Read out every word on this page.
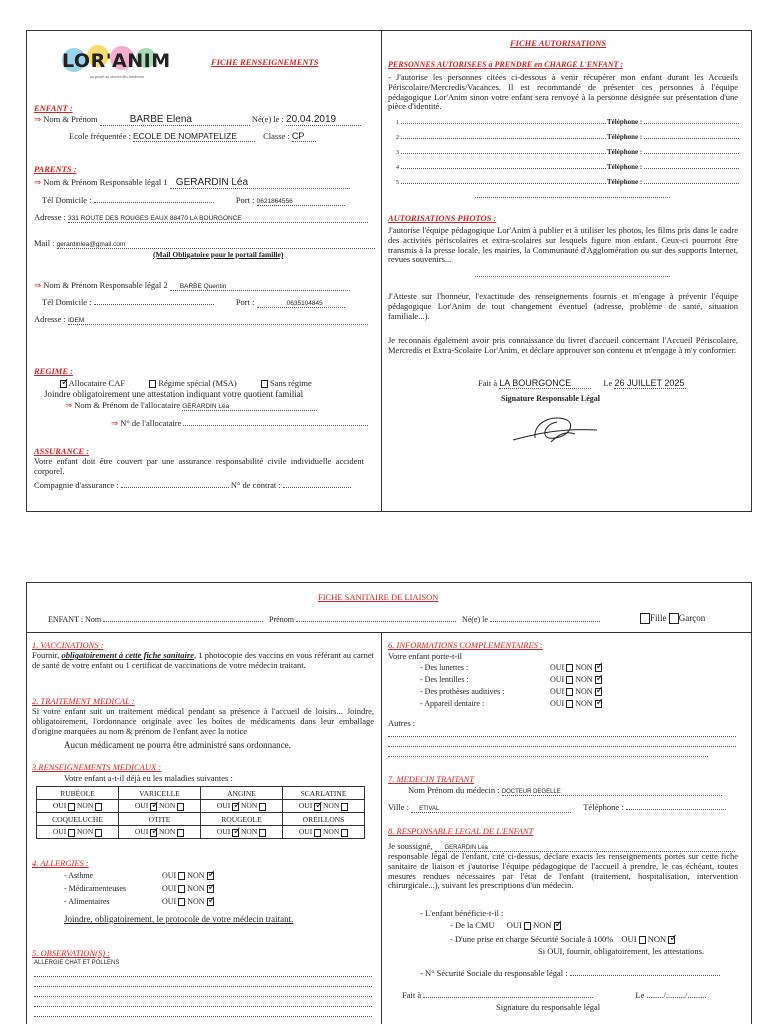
LOR'ANIM
un projet au service des territoires
FICHE RENSEIGNEMENTS
ENFANT :
⇒ Nom & Prénom	BARBE Elena	Né(e) le : 20.04.2019
Ecole fréquentée : ECOLE DE NOMPATELIZE	Classe : CP
PARENTS :
⇒ Nom & Prénom Responsable légal 1 GERARDIN Léa
Tél Domicile :	Port : 0621864556
Adresse : 331 ROUTE DES ROUGES EAUX 88470 LA BOURGONCE
Mail : gerardinlea@gmail.com
(Mail Obligatoire pour le portail famille)
⇒ Nom & Prénom Responsable légal 2 BARBE Quentin
Tél Domicile :	Port :	0635104845
Adresse : IDEM
REGIME :
✓ Allocataire CAF	Régime spécial (MSA)	Sans régime
Joindre obligatoirement une attestation indiquant votre quotient familial
⇒ Nom & Prénom de l'allocataire GERARDIN Léa
⇒ N° de l'allocataire
ASSURANCE :
Votre enfant doit être couvert par une assurance responsabilité civile individuelle accident corporel.
Compagnie d'assurance :	N° de contrat :
FICHE AUTORISATIONS
PERSONNES AUTORISEES à PRENDRE en CHARGE L'ENFANT :
- J'autorise les personnes citées ci-dessous à venir récupérer mon enfant durant les Accueils Périscolaire/Mercredis/Vacances. Il est recommandé de présenter ces personnes à l'équipe pédagogique Lor'Anim sinon votre enfant sera renvoyé à la personne désignée sur présentation d'une pièce d'identité.
1	Téléphone :
2	Téléphone :
3	Téléphone :
4	Téléphone :
5	Téléphone :
AUTORISATIONS PHOTOS :
J'autorise l'équipe pédagogique Lor'Anim à publier et à utiliser les photos, les films pris dans le cadre des activités périscolaires et extra-scolaires sur lesquels figure mon enfant. Ceux-ci pourront être transmis à la presse locale, les mairies, la Communauté d'Agglomération ou sur des supports Internet, revues souvenirs...
J'Atteste sur l'honneur, l'exactitude des renseignements fournis et m'engage à prévenir l'équipe pédagogique Lor'Anim de tout changement éventuel (adresse, problème de santé, situation familiale...).
Je reconnais également avoir pris connaissance du livret d'accueil concernant l'Accueil Périscolaire, Mercredis et Extra-Scolaire Lor'Anim, et déclare approuver son contenu et m'engage à m'y conformer.
Fait à LA BOURGONCE	Le 26 JUILLET 2025
Signature Responsable Légal
FICHE SANITAIRE DE LIAISON
ENFANT : Nom	Prénom	Né(e) le	Fille Garçon
1. VACCINATIONS :
Fournir, obligatoirement à cette fiche sanitaire, 1 photocopie des vaccins en vous référant au carnet de santé de votre enfant ou 1 certificat de vaccinations de votre médecin traitant.
2. TRAITEMENT MEDICAL :
Si votre enfant suit un traitement médical pendant sa présence à l'accueil de loisirs... Joindre, obligatoirement, l'ordonnance originale avec les boîtes de médicaments dans leur emballage d'origine marquées au nom & prénom de l'enfant avec la notice
Aucun médicament ne pourra être administré sans ordonnance.
3.RENSEIGNEMENTS MEDICAUX :
Votre enfant a-t-il déjà eu les maladies suivantes :
RUBÉOLE	VARICELLE	ANGINE	SCARLATINE
OUI NON	OUI ✓ NON	OUI ✓ NON	OUI ✓ NON
COQUELUCHE	OTITE	ROUGEOLE	OREILLONS
OUI NON	OUI ✓ NON	OUI ✓ NON	OUI NON
4. ALLERGIES :
- Asthme	OUI NON ✓
- Médicamenteuses	OUI NON ✓
- Alimentaires	OUI NON ✓
Joindre, obligatoirement, le protocole de votre médecin traitant.
5. OBSERVATION(S) :
ALLERGIE CHAT ET POLLENS
6. INFORMATIONS COMPLEMENTAIRES :
Votre enfant porte-t-il
- Des lunettes :	OUI NON ✓
- Des lentilles :	OUI NON ✓
- Des prothèses auditives :	OUI NON ✓
- Appareil dentaire :	OUI NON ✓
Autres :
7. MEDECIN TRAITANT
Nom Prénom du médecin : DOCTEUR DEGELLE
Ville : ETIVAL	Téléphone :
8. RESPONSABLE LEGAL DE L'ENFANT
Je soussigné, GERARDIN Léa
responsable légal de l'enfant, cité ci-dessus, déclare exacts les renseignements portés sur cette fiche sanitaire de liaison et j'autorise l'équipe pédagogique de l'accueil à prendre, le cas échéant, toutes mesures rendues nécessaires par l'état de l'enfant (traitement, hospitalisation, intervention chirurgicale...), suivant les prescriptions d'un médecin.
- L'enfant bénéficie-t-il :
- De la CMU OUI NON ✓
- D'une prise en charge Sécurité Sociale à 100% OUI NON ✓
Si OUI, fournir, obligatoirement, les attestations.
- N° Sécurité Sociale du responsable légal :
Fait à	Le ......../........./.........
Signature du responsable légal
